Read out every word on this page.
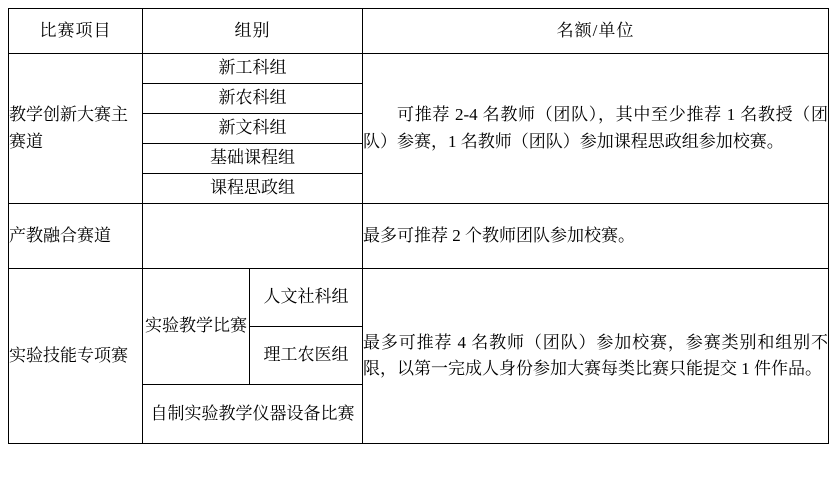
比赛项目	组别		名额/单位
教学创新大赛主赛道	新工科组		可推荐 2-4 名教师（团队），其中至少推荐 1 名教授（团队）参赛，1 名教师（团队）参加课程思政组参加校赛。

	新农科组		
	新文科组		
	基础课程组		
	课程思政组		
产教融合赛道			最多可推荐 2 个教师团队参加校赛。
实验技能专项赛	实验教学比赛	人文社科组	最多可推荐 4 名教师（团队）参加校赛，参赛类别和组别不限，以第一完成人身份参加大赛每类比赛只能提交 1 件作品。
		理工农医组	
	自制实验教学仪器设备比赛		
